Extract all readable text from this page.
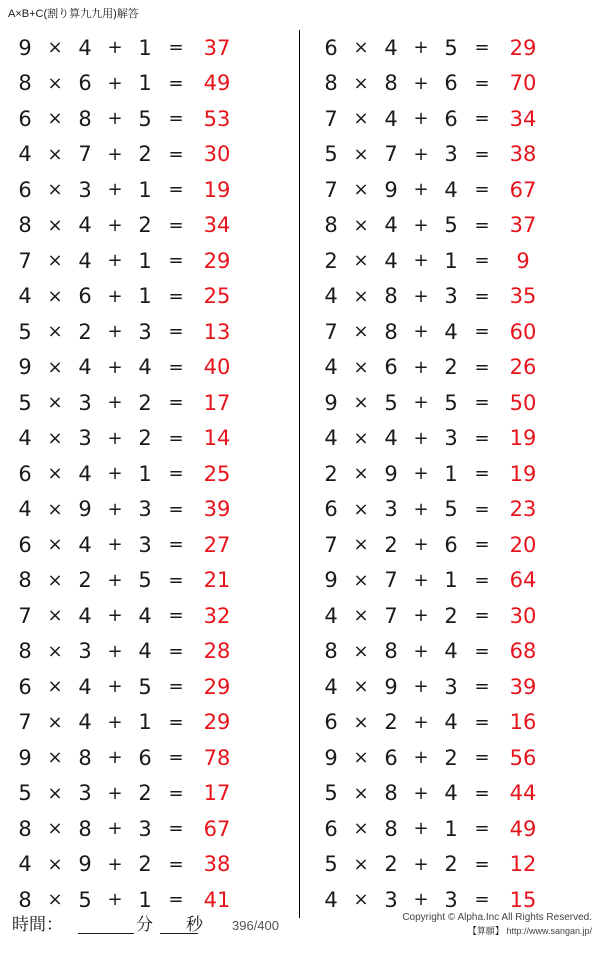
A×B+C(割り算九九用)解答
9 × 4 + 1 = 37
8 × 6 + 1 = 49
6 × 8 + 5 = 53
4 × 7 + 2 = 30
6 × 3 + 1 = 19
8 × 4 + 2 = 34
7 × 4 + 1 = 29
4 × 6 + 1 = 25
5 × 2 + 3 = 13
9 × 4 + 4 = 40
5 × 3 + 2 = 17
4 × 3 + 2 = 14
6 × 4 + 1 = 25
4 × 9 + 3 = 39
6 × 4 + 3 = 27
8 × 2 + 5 = 21
7 × 4 + 4 = 32
8 × 3 + 4 = 28
6 × 4 + 5 = 29
7 × 4 + 1 = 29
9 × 8 + 6 = 78
5 × 3 + 2 = 17
8 × 8 + 3 = 67
4 × 9 + 2 = 38
8 × 5 + 1 = 41
6 × 4 + 5 = 29
8 × 8 + 6 = 70
7 × 4 + 6 = 34
5 × 7 + 3 = 38
7 × 9 + 4 = 67
8 × 4 + 5 = 37
2 × 4 + 1 =	9
4 × 8 + 3 = 35
7 × 8 + 4 = 60
4 × 6 + 2 = 26
9 × 5 + 5 = 50
4 × 4 + 3 = 19
2 × 9 + 1 = 19
6 × 3 + 5 = 23
7 × 2 + 6 = 20
9 × 7 + 1 = 64
4 × 7 + 2 = 30
8 × 8 + 4 = 68
4 × 9 + 3 = 39
6 × 2 + 4 = 16
9 × 6 + 2 = 56
5 × 8 + 4 = 44
6 × 8 + 1 = 49
5 × 2 + 2 = 12
4 × 3 + 3 = 15
時間：	分 秒 396/400
Copyright © Alpha.Inc All Rights Reserved.
【算願】 http://www.sangan.jp/
